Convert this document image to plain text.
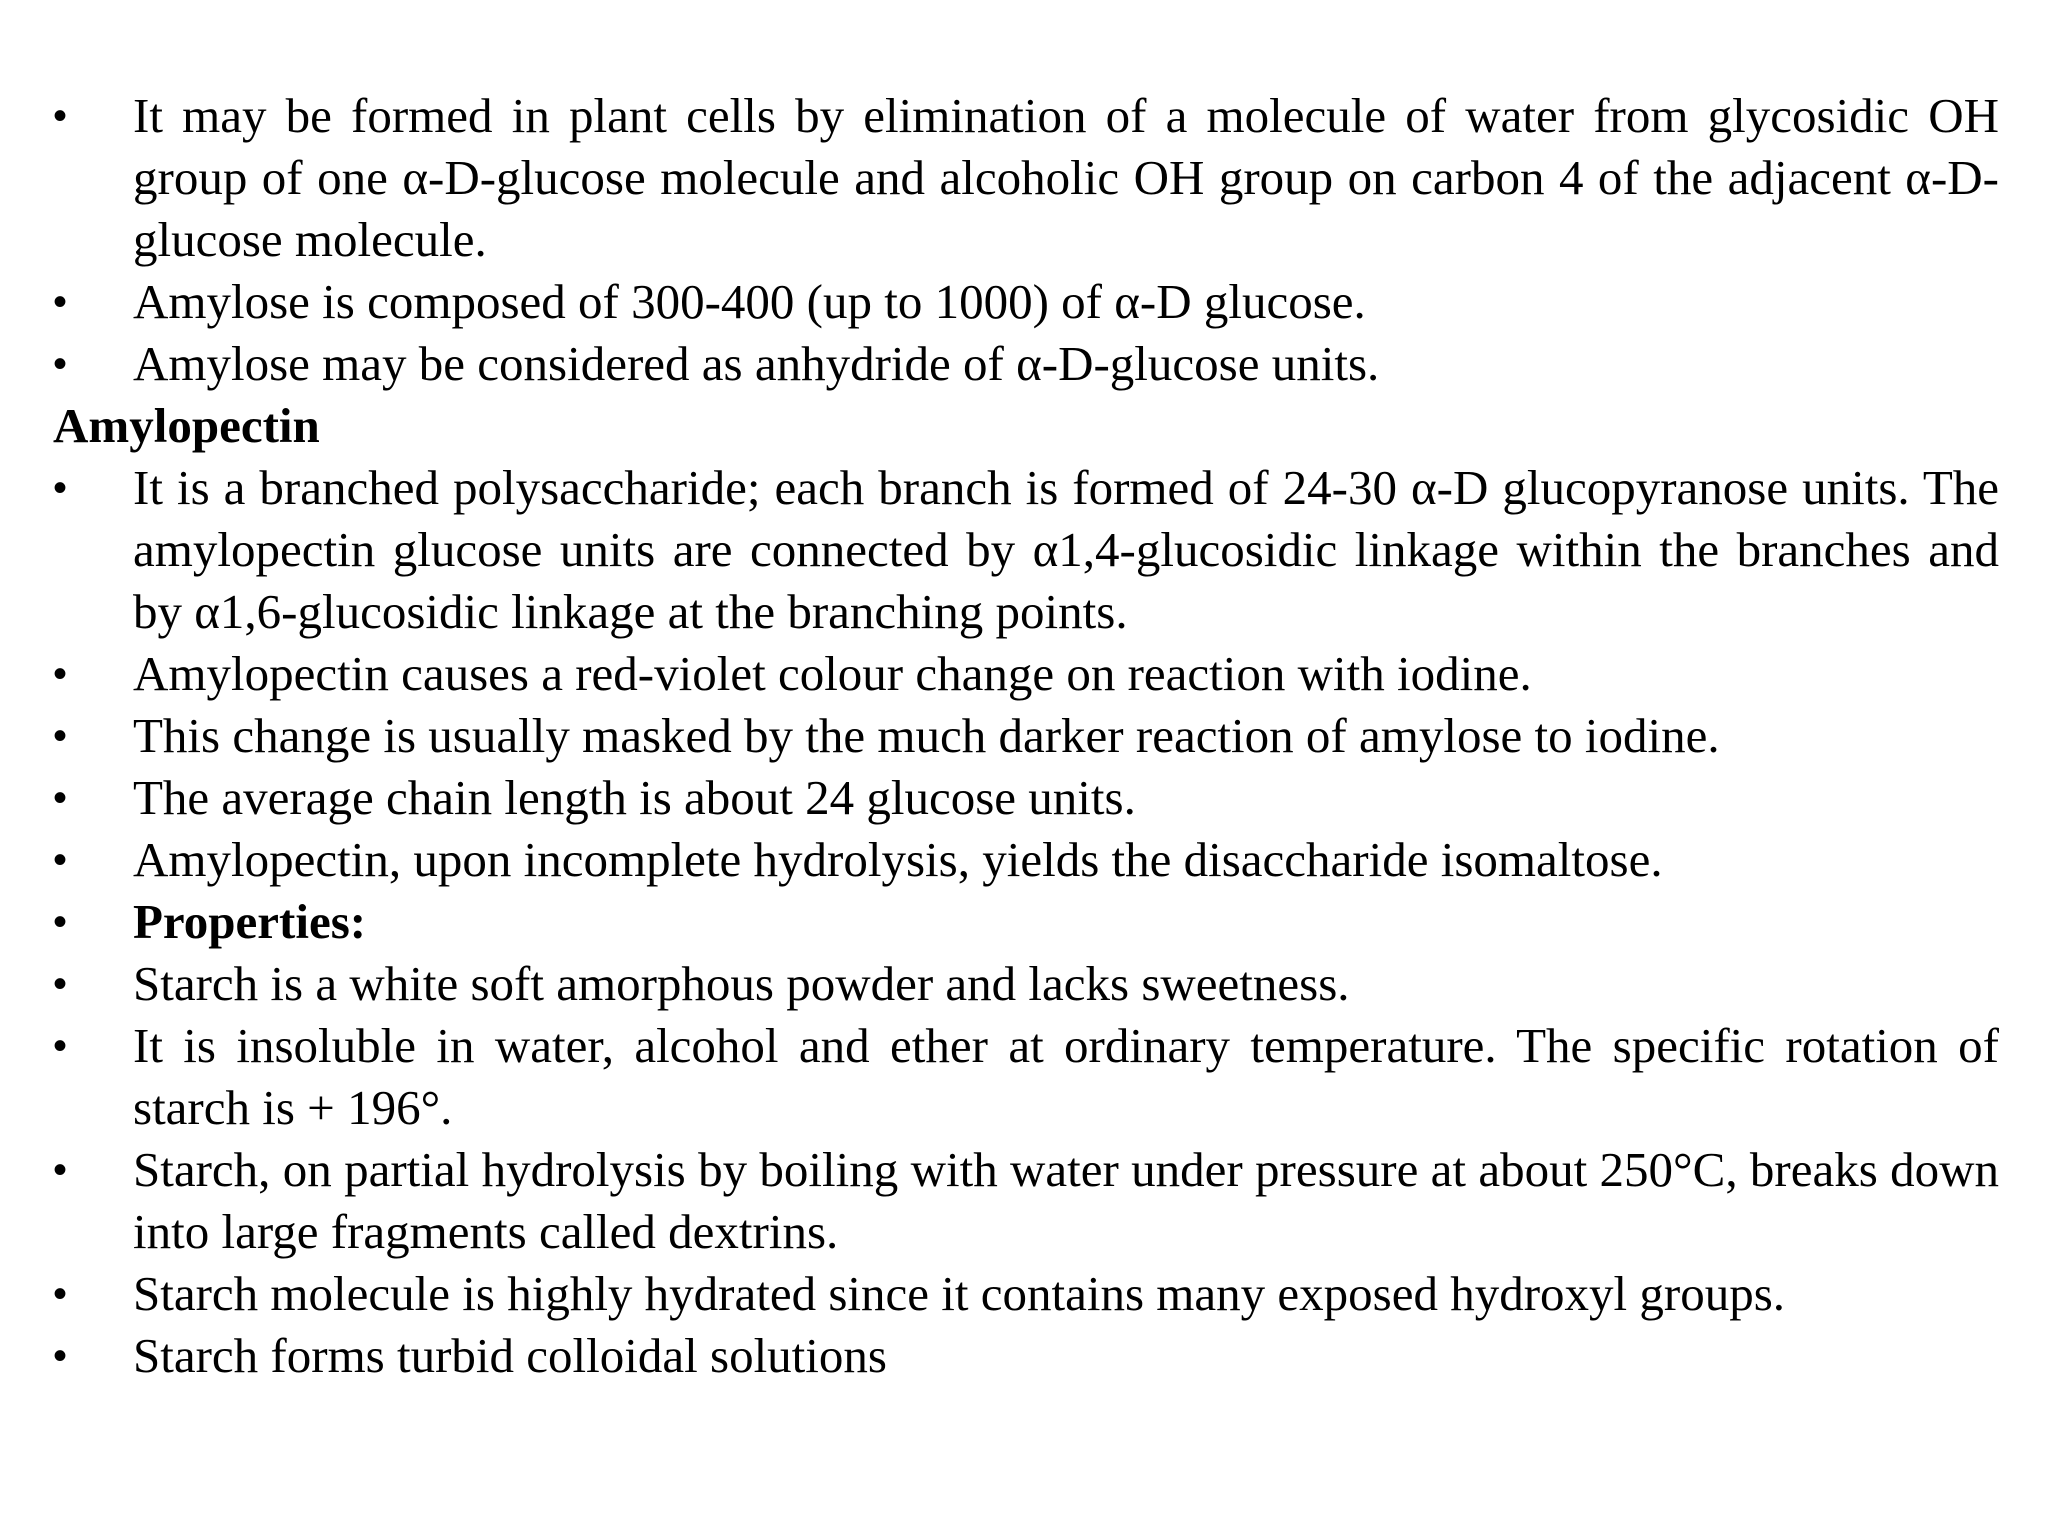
•	It may be formed in plant cells by elimination of a molecule of water from glycosidic OH group of one α-D-glucose molecule and alcoholic OH group on carbon 4 of the adjacent α-D-glucose molecule.
•	Amylose is composed of 300-400 (up to 1000) of α-D glucose.
•	Amylose may be considered as anhydride of α-D-glucose units.
Amylopectin
•	It is a branched polysaccharide; each branch is formed of 24-30 α-D glucopyranose units. The amylopectin glucose units are connected by α1,4-glucosidic linkage within the branches and by α1,6-glucosidic linkage at the branching points.
•	Amylopectin causes a red-violet colour change on reaction with iodine.
•	This change is usually masked by the much darker reaction of amylose to iodine.
•	The average chain length is about 24 glucose units.
•	Amylopectin, upon incomplete hydrolysis, yields the disaccharide isomaltose.
•	Properties:
•	Starch is a white soft amorphous powder and lacks sweetness.
•	It is insoluble in water, alcohol and ether at ordinary temperature. The specific rotation of starch is + 196°.
•	Starch, on partial hydrolysis by boiling with water under pressure at about 250°C, breaks down into large fragments called dextrins.
•	Starch molecule is highly hydrated since it contains many exposed hydroxyl groups.
•	Starch forms turbid colloidal solutions
